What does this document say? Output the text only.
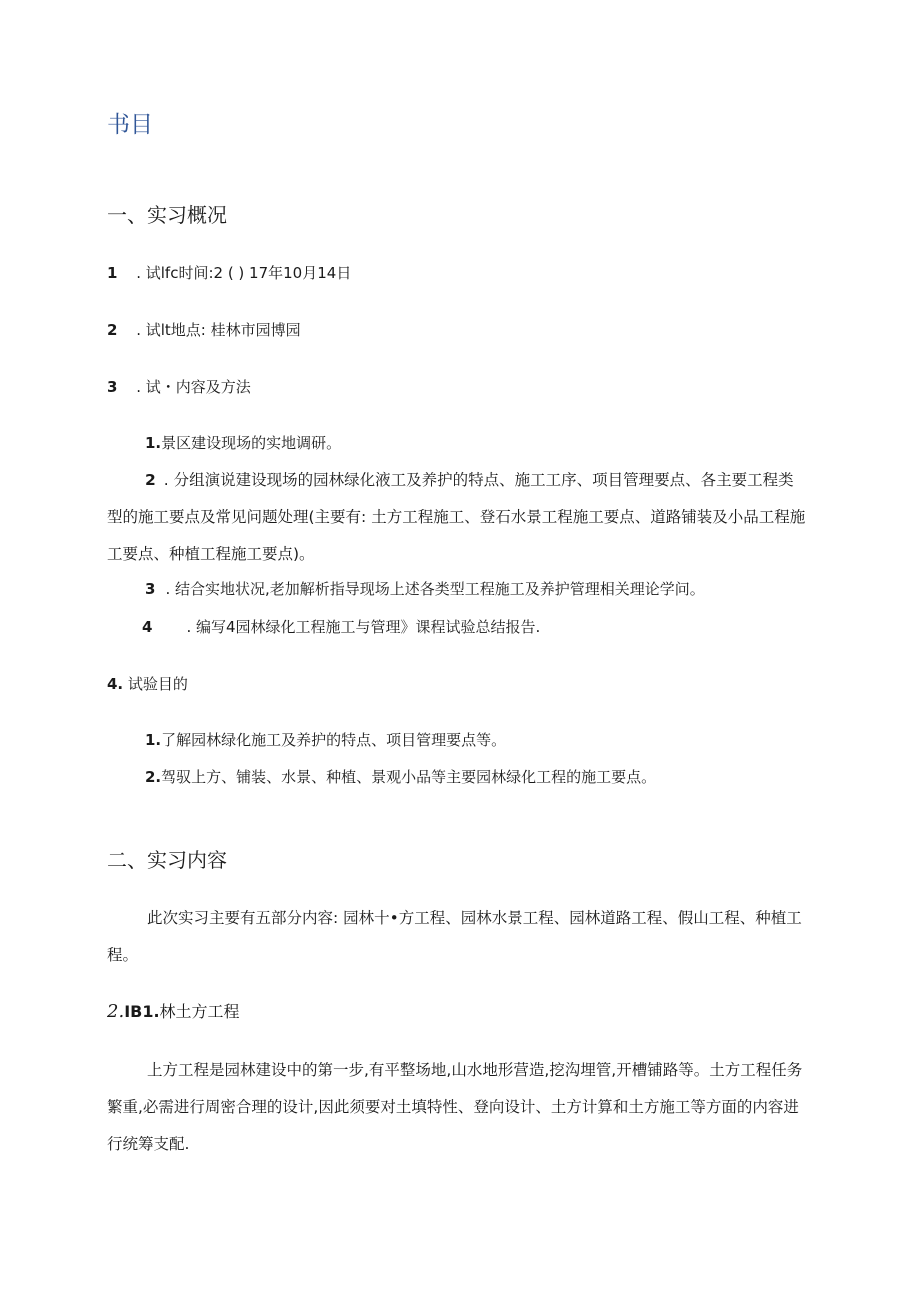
书目
一、实习概况
1 . 试lfc时间:2 ( ) 17年10月14日
2 . 试lt地点: 桂林市园博园
3 . 试・内容及方法
1.景区建设现场的实地调研。
2 . 分组演说建设现场的园林绿化液工及养护的特点、施工工序、项目管理要点、各主要工程类型的施工要点及常见问题处理(主要有: 土方工程施工、登石水景工程施工要点、道路铺装及小品工程施工要点、种植工程施工要点)。
3 . 结合实地状况,老加解析指导现场上述各类型工程施工及养护管理相关理论学问。
4 . 编写4园林绿化工程施工与管理》课程试验总结报告.
4. 试验目的
1.了解园林绿化施工及养护的特点、项目管理要点等。
2.驾驭上方、铺装、水景、种植、景观小品等主要园林绿化工程的施工要点。
二、实习内容
此次实习主要有五部分内容: 园林十•方工程、园林水景工程、园林道路工程、假山工程、种植工程。
2.IB1.林土方工程
上方工程是园林建设中的第一步,有平整场地,山水地形营造,挖沟埋管,开槽铺路等。土方工程任务繁重,必需进行周密合理的设计,因此须要对土填特性、登向设计、土方计算和土方施工等方面的内容进行统筹支配.
